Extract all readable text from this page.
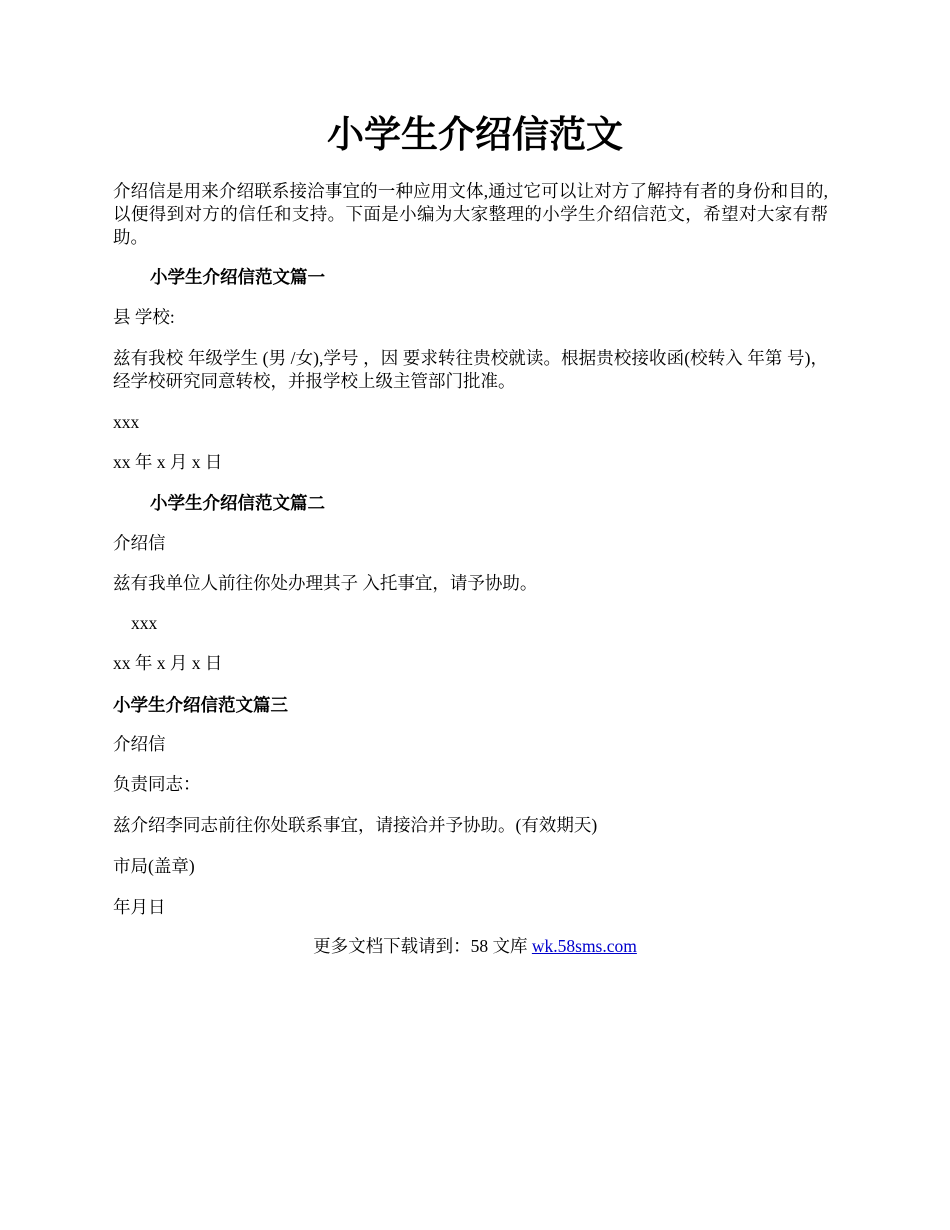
小学生介绍信范文

介绍信是用来介绍联系接洽事宜的一种应用文体,通过它可以让对方了解持有者的身份和目的,以便得到对方的信任和支持。下面是小编为大家整理的小学生介绍信范文，希望对大家有帮助。

小学生介绍信范文篇一

县 学校:

兹有我校 年级学生 (男 /女),学号 ，因 要求转往贵校就读。根据贵校接收函(校转入 年第 号)，经学校研究同意转校，并报学校上级主管部门批准。

xxx

xx 年 x 月 x 日

小学生介绍信范文篇二

介绍信

兹有我单位人前往你处办理其子 入托事宜，请予协助。

xxx

xx 年 x 月 x 日

小学生介绍信范文篇三

介绍信

负责同志：

兹介绍李同志前往你处联系事宜，请接洽并予协助。(有效期天)

市局(盖章)

年月日

更多文档下载请到：58 文库 wk.58sms.com
